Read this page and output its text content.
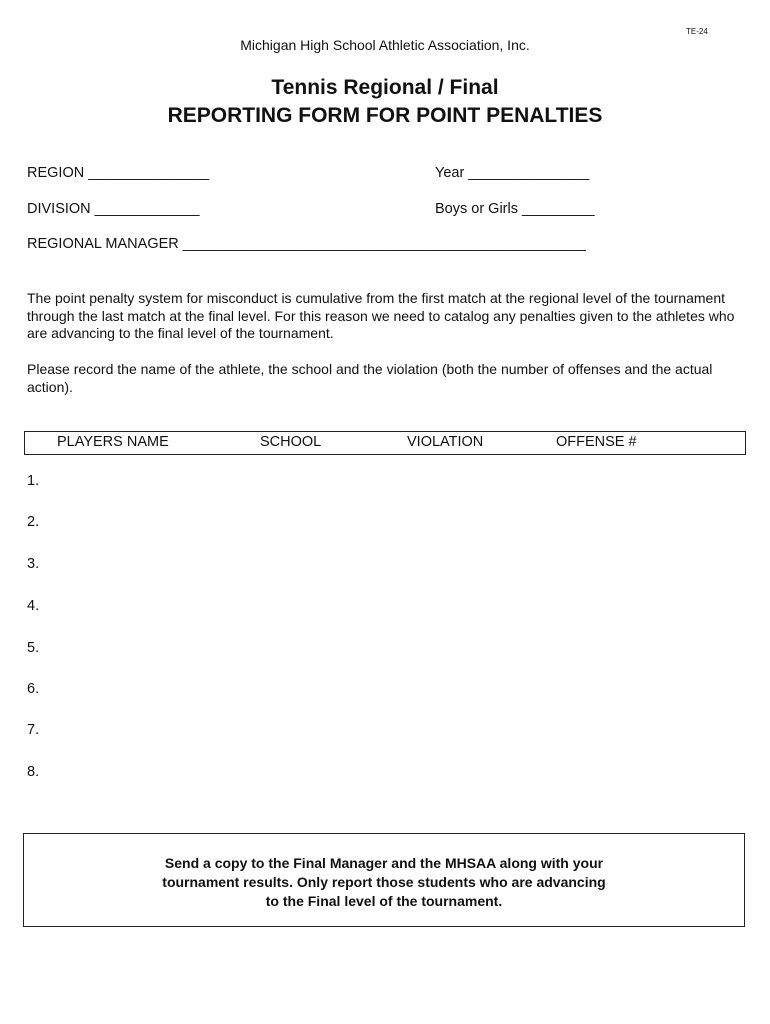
TE-24
Michigan High School Athletic Association, Inc.
Tennis Regional / Final
REPORTING FORM FOR POINT PENALTIES
REGION _______________	Year _______________
DIVISION _____________	Boys or Girls _________
REGIONAL MANAGER __________________________________________________

The point penalty system for misconduct is cumulative from the first match at the regional level of the tournament through the last match at the final level. For this reason we need to catalog any penalties given to the athletes who are advancing to the final level of the tournament.

Please record the name of the athlete, the school and the violation (both the number of offenses and the actual action).

PLAYERS NAME	SCHOOL	VIOLATION	OFFENSE #
1.
2.
3.
4.
5.
6.
7.
8.
Send a copy to the Final Manager and the MHSAA along with your
tournament results. Only report those students who are advancing
to the Final level of the tournament.
